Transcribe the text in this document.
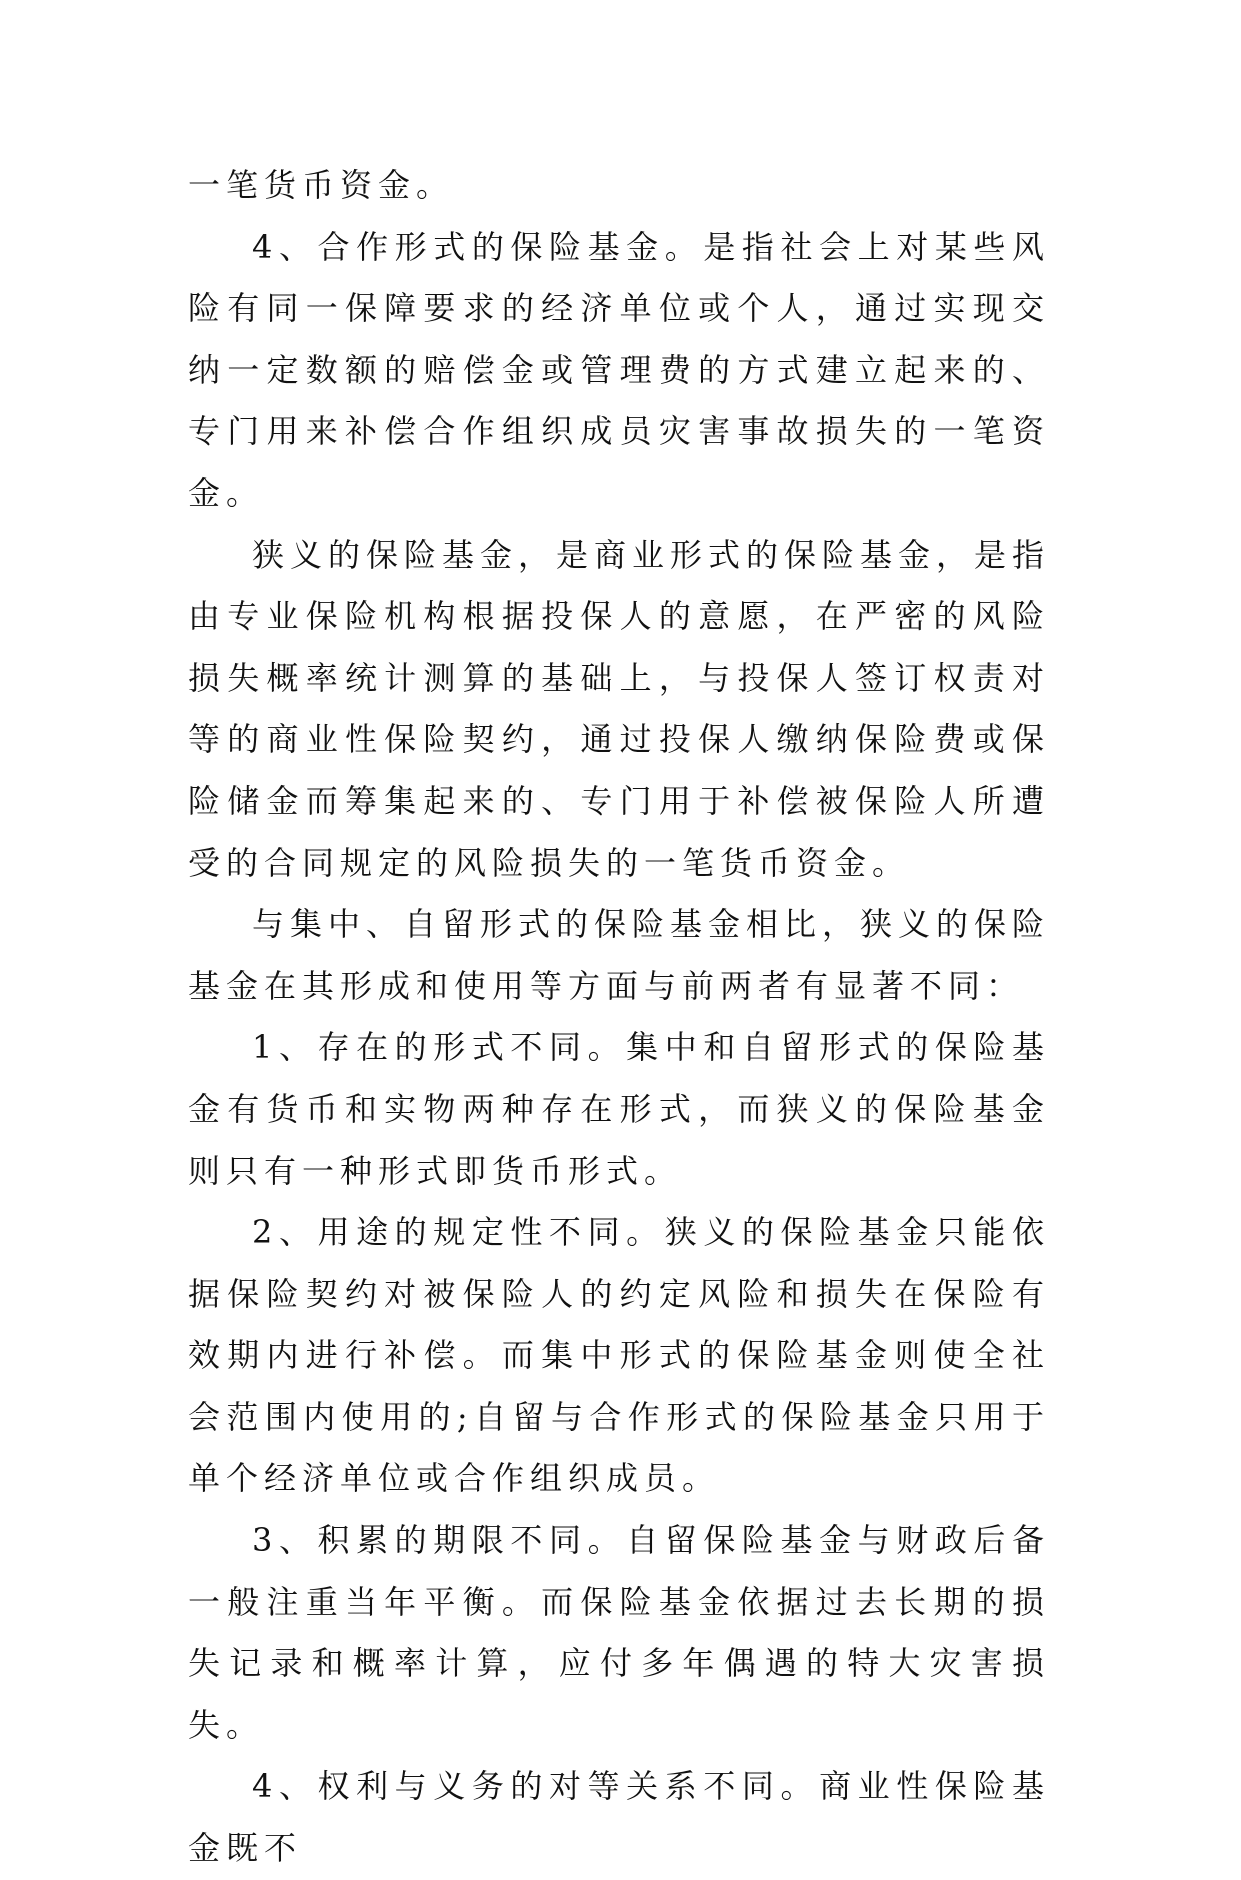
一笔货币资金。

4、合作形式的保险基金。是指社会上对某些风险有同一保障要求的经济单位或个人，通过实现交纳一定数额的赔偿金或管理费的方式建立起来的、专门用来补偿合作组织成员灾害事故损失的一笔资金。

狭义的保险基金，是商业形式的保险基金，是指由专业保险机构根据投保人的意愿，在严密的风险损失概率统计测算的基础上，与投保人签订权责对等的商业性保险契约，通过投保人缴纳保险费或保险储金而筹集起来的、专门用于补偿被保险人所遭受的合同规定的风险损失的一笔货币资金。

与集中、自留形式的保险基金相比，狭义的保险基金在其形成和使用等方面与前两者有显著不同：

1、存在的形式不同。集中和自留形式的保险基金有货币和实物两种存在形式，而狭义的保险基金则只有一种形式即货币形式。

2、用途的规定性不同。狭义的保险基金只能依据保险契约对被保险人的约定风险和损失在保险有效期内进行补偿。而集中形式的保险基金则使全社会范围内使用的;自留与合作形式的保险基金只用于单个经济单位或合作组织成员。

3、积累的期限不同。自留保险基金与财政后备一般注重当年平衡。而保险基金依据过去长期的损失记录和概率计算，应付多年偶遇的特大灾害损失。

4、权利与义务的对等关系不同。商业性保险基金既不
